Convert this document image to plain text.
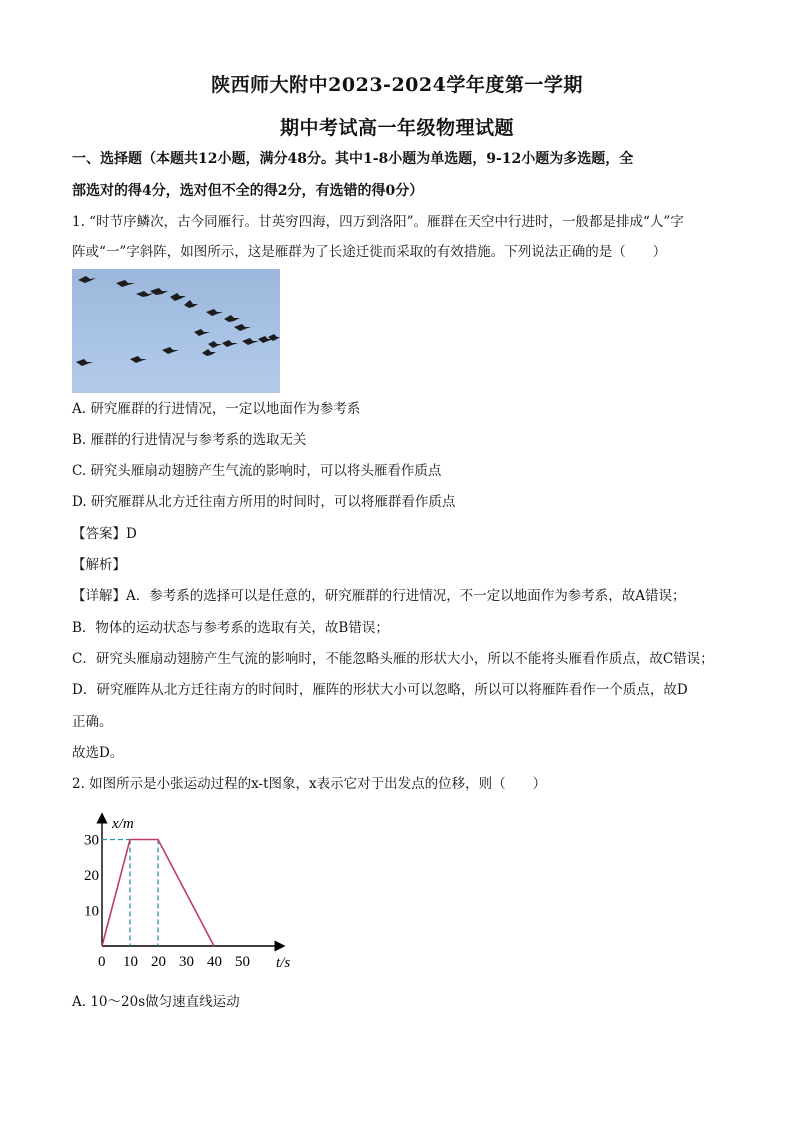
陕西师大附中2023-2024学年度第一学期
期中考试高一年级物理试题
一、选择题（本题共12小题，满分48分。其中1-8小题为单选题，9-12小题为多选题，全
部选对的得4分，选对但不全的得2分，有选错的得0分）
1. “时节序鳞次，古今同雁行。甘英穷四海，四万到洛阳”。雁群在天空中行进时，一般都是排成“人”字
阵或“一”字斜阵，如图所示，这是雁群为了长途迁徙而采取的有效措施。下列说法正确的是（　　）
A. 研究雁群的行进情况，一定以地面作为参考系
B. 雁群的行进情况与参考系的选取无关
C. 研究头雁扇动翅膀产生气流的影响时，可以将头雁看作质点
D. 研究雁群从北方迁往南方所用的时间时，可以将雁群看作质点
【答案】D
【解析】
【详解】A．参考系的选择可以是任意的，研究雁群的行进情况，不一定以地面作为参考系，故A错误；
B．物体的运动状态与参考系的选取有关，故B错误；
C．研究头雁扇动翅膀产生气流的影响时，不能忽略头雁的形状大小，所以不能将头雁看作质点，故C错误；
D．研究雁阵从北方迁往南方的时间时，雁阵的形状大小可以忽略，所以可以将雁阵看作一个质点，故D
正确。
故选D。
2. 如图所示是小张运动过程的x-t图象，x表示它对于出发点的位移，则（　　）
0 10 20 30 40 50
10
20
30
x/m
t/s
A. 10～20s做匀速直线运动
